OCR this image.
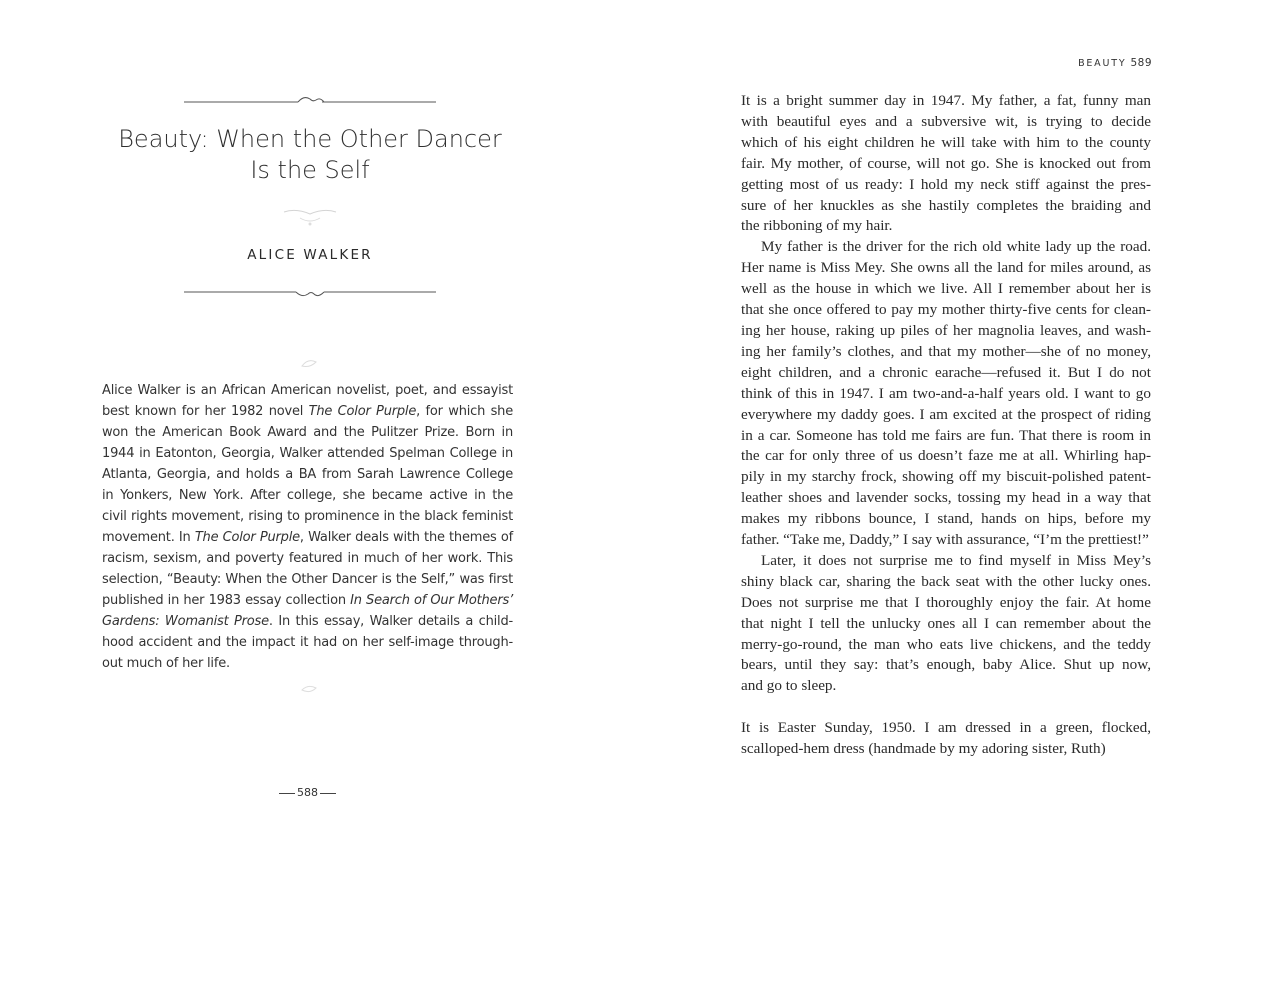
Beauty: When the Other Dancer
Is the Self
ALICE WALKER

Alice Walker is an African American novelist, poet, and essayist
best known for her 1982 novel The Color Purple, for which she
won the American Book Award and the Pulitzer Prize. Born in
1944 in Eatonton, Georgia, Walker attended Spelman College in
Atlanta, Georgia, and holds a BA from Sarah Lawrence College
in Yonkers, New York. After college, she became active in the
civil rights movement, rising to prominence in the black feminist
movement. In The Color Purple, Walker deals with the themes of
racism, sexism, and poverty featured in much of her work. This
selection, “Beauty: When the Other Dancer is the Self,” was first
published in her 1983 essay collection In Search of Our Mothers’
Gardens: Womanist Prose. In this essay, Walker details a child-
hood accident and the impact it had on her self-image through-
out much of her life.

588
BEAUTY 589
It is a bright summer day in 1947. My father, a fat, funny man
with beautiful eyes and a subversive wit, is trying to decide
which of his eight children he will take with him to the county
fair. My mother, of course, will not go. She is knocked out from
getting most of us ready: I hold my neck stiff against the pres-
sure of her knuckles as she hastily completes the braiding and
the ribboning of my hair.
My father is the driver for the rich old white lady up the road.
Her name is Miss Mey. She owns all the land for miles around, as
well as the house in which we live. All I remember about her is
that she once offered to pay my mother thirty-five cents for clean-
ing her house, raking up piles of her magnolia leaves, and wash-
ing her family’s clothes, and that my mother—she of no money,
eight children, and a chronic earache—refused it. But I do not
think of this in 1947. I am two-and-a-half years old. I want to go
everywhere my daddy goes. I am excited at the prospect of riding
in a car. Someone has told me fairs are fun. That there is room in
the car for only three of us doesn’t faze me at all. Whirling hap-
pily in my starchy frock, showing off my biscuit-polished patent-
leather shoes and lavender socks, tossing my head in a way that
makes my ribbons bounce, I stand, hands on hips, before my
father. “Take me, Daddy,” I say with assurance, “I’m the prettiest!”
Later, it does not surprise me to find myself in Miss Mey’s
shiny black car, sharing the back seat with the other lucky ones.
Does not surprise me that I thoroughly enjoy the fair. At home
that night I tell the unlucky ones all I can remember about the
merry-go-round, the man who eats live chickens, and the teddy
bears, until they say: that’s enough, baby Alice. Shut up now,
and go to sleep.
It is Easter Sunday, 1950. I am dressed in a green, flocked,
scalloped-hem dress (handmade by my adoring sister, Ruth)
